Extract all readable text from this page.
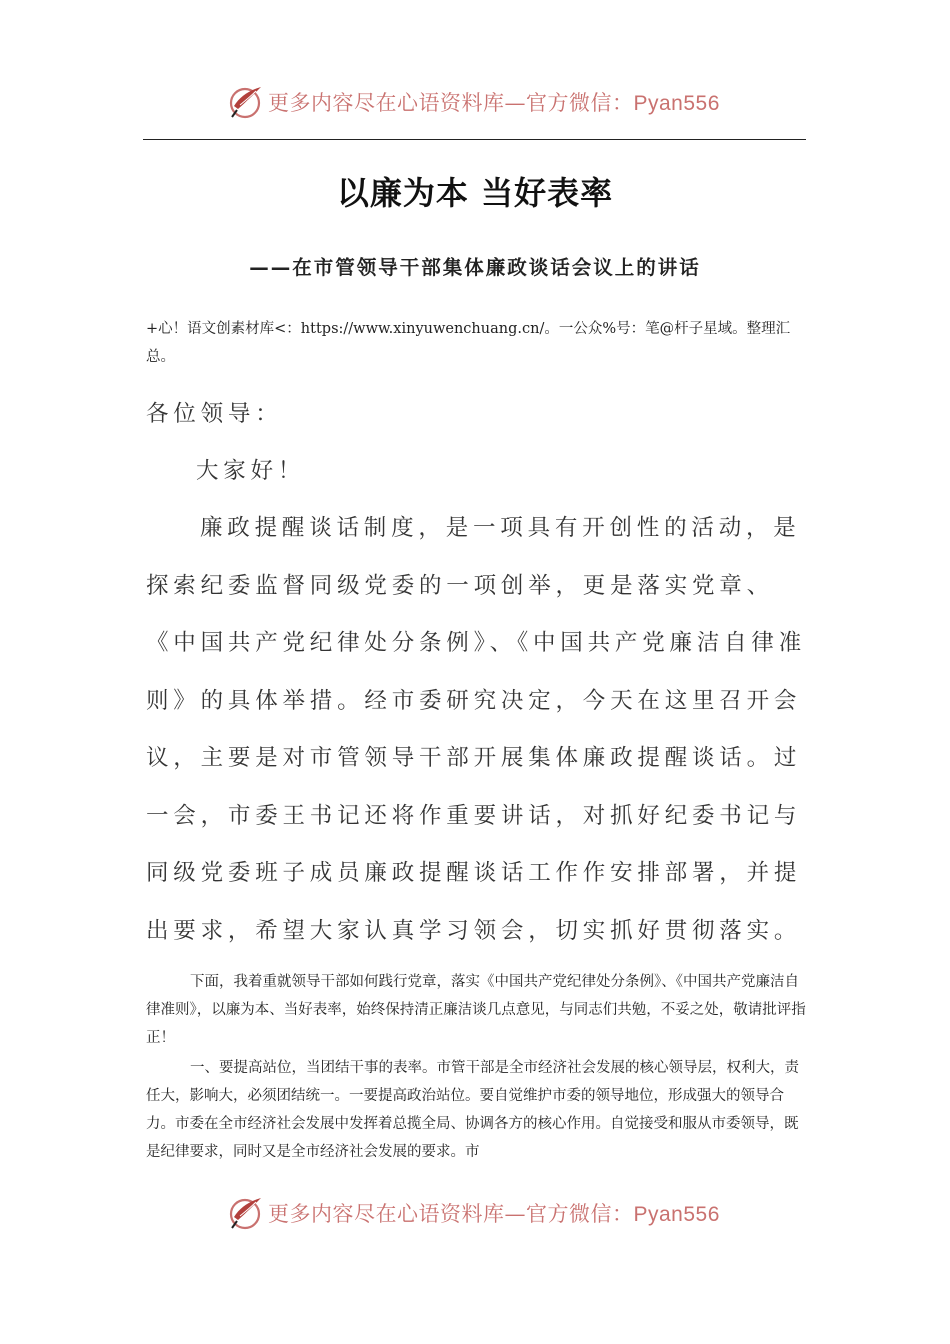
更多内容尽在心语资料库—官方微信：Pyan556
以廉为本 当好表率
——在市管领导干部集体廉政谈话会议上的讲话
+心！语文创素材库<：https://www.xinyuwenchuang.cn/。一公众%号：笔@杆子星域。整理汇总。
各位领导：
大家好！
廉政提醒谈话制度，是一项具有开创性的活动，是探索纪委监督同级党委的一项创举，更是落实党章、《中国共产党纪律处分条例》、《中国共产党廉洁自律准则》的具体举措。经市委研究决定，今天在这里召开会议，主要是对市管领导干部开展集体廉政提醒谈话。过一会，市委王书记还将作重要讲话，对抓好纪委书记与同级党委班子成员廉政提醒谈话工作作安排部署，并提出要求，希望大家认真学习领会，切实抓好贯彻落实。
下面，我着重就领导干部如何践行党章，落实《中国共产党纪律处分条例》、《中国共产党廉洁自律准则》，以廉为本、当好表率，始终保持清正廉洁谈几点意见，与同志们共勉，不妥之处，敬请批评指正！
一、要提高站位，当团结干事的表率。市管干部是全市经济社会发展的核心领导层，权利大，责任大，影响大，必须团结统一。一要提高政治站位。要自觉维护市委的领导地位，形成强大的领导合力。市委在全市经济社会发展中发挥着总揽全局、协调各方的核心作用。自觉接受和服从市委领导，既是纪律要求，同时又是全市经济社会发展的要求。市
更多内容尽在心语资料库—官方微信：Pyan556
